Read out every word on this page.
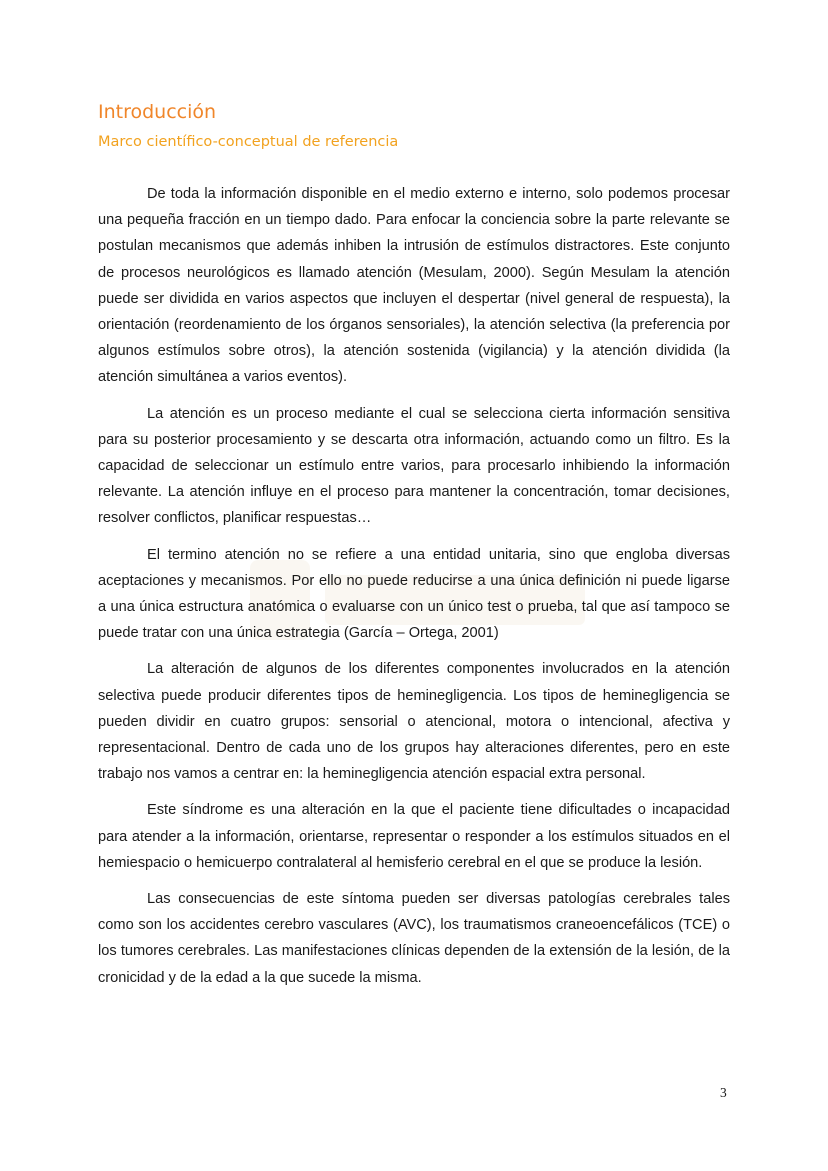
Introducción
Marco científico-conceptual de referencia

De toda la información disponible en el medio externo e interno, solo podemos procesar una pequeña fracción en un tiempo dado. Para enfocar la conciencia sobre la parte relevante se postulan mecanismos que además inhiben la intrusión de estímulos distractores. Este conjunto de procesos neurológicos es llamado atención (Mesulam, 2000). Según Mesulam la atención puede ser dividida en varios aspectos que incluyen el despertar (nivel general de respuesta), la orientación (reordenamiento de los órganos sensoriales), la atención selectiva (la preferencia por algunos estímulos sobre otros), la atención sostenida (vigilancia) y la atención dividida (la atención simultánea a varios eventos).

La atención es un proceso mediante el cual se selecciona cierta información sensitiva para su posterior procesamiento y se descarta otra información, actuando como un filtro. Es la capacidad de seleccionar un estímulo entre varios, para procesarlo inhibiendo la información relevante. La atención influye en el proceso para mantener la concentración, tomar decisiones, resolver conflictos, planificar respuestas…

El termino atención no se refiere a una entidad unitaria, sino que engloba diversas aceptaciones y mecanismos. Por ello no puede reducirse a una única definición ni puede ligarse a una única estructura anatómica o evaluarse con un único test o prueba, tal que así tampoco se puede tratar con una única estrategia (García – Ortega, 2001)

La alteración de algunos de los diferentes componentes involucrados en la atención selectiva puede producir diferentes tipos de heminegligencia. Los tipos de heminegligencia se pueden dividir en cuatro grupos: sensorial o atencional, motora o intencional, afectiva y representacional. Dentro de cada uno de los grupos hay alteraciones diferentes, pero en este trabajo nos vamos a centrar en: la heminegligencia atención espacial extra personal.

Este síndrome es una alteración en la que el paciente tiene dificultades o incapacidad para atender a la información, orientarse, representar o responder a los estímulos situados en el hemiespacio o hemicuerpo contralateral al hemisferio cerebral en el que se produce la lesión.

Las consecuencias de este síntoma pueden ser diversas patologías cerebrales tales como son los accidentes cerebro vasculares (AVC), los traumatismos craneoencefálicos (TCE) o los tumores cerebrales. Las manifestaciones clínicas dependen de la extensión de la lesión, de la cronicidad y de la edad a la que sucede la misma.

3
